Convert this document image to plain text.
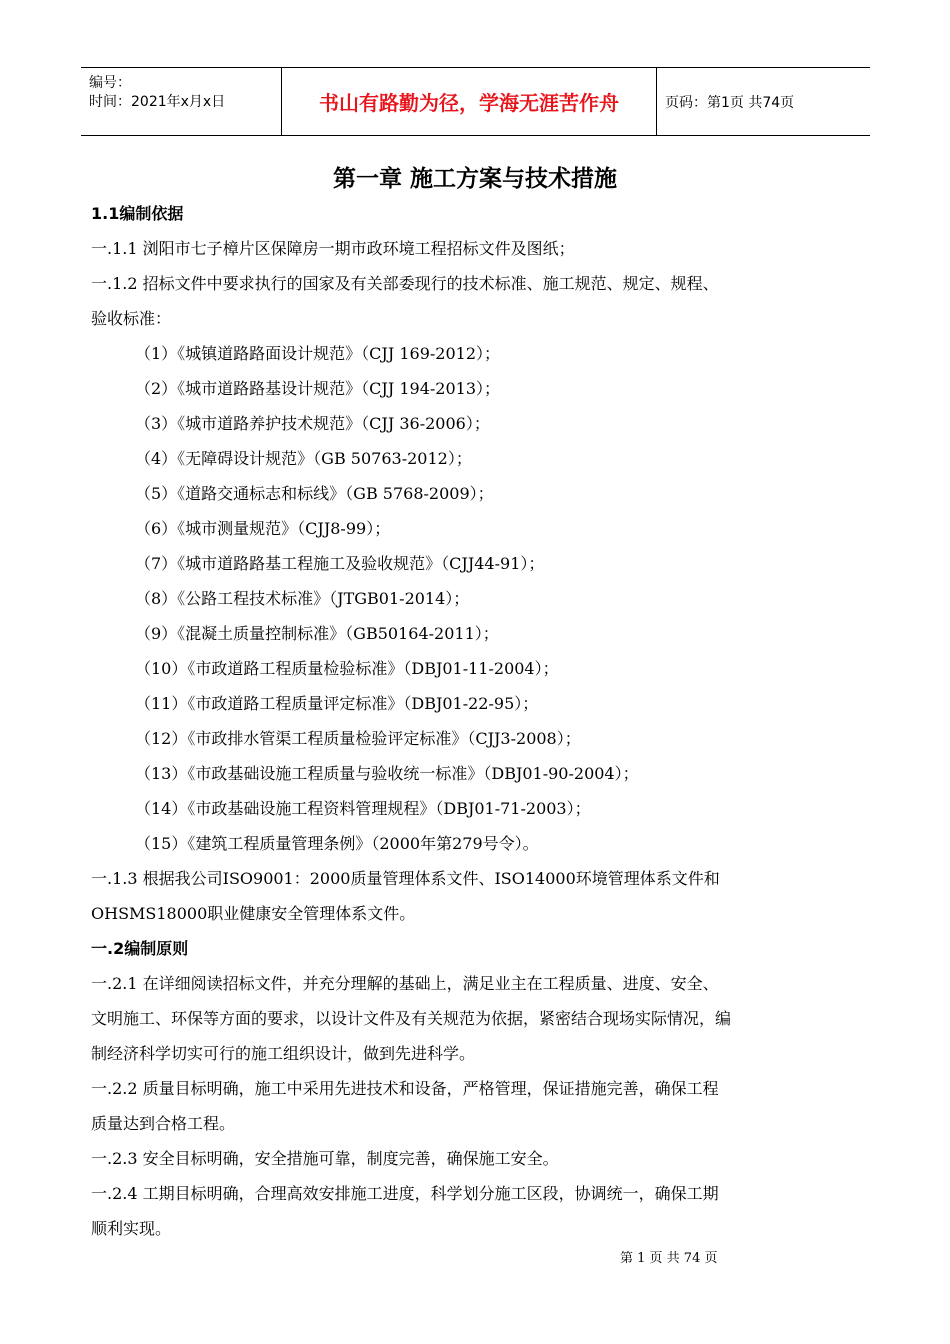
编号：
时间：2021年x月x日	书山有路勤为径，学海无涯苦作舟	页码：第1页 共74页
第一章 施工方案与技术措施
1.1编制依据
一.1.1 浏阳市七子樟片区保障房一期市政环境工程招标文件及图纸；
一.1.2 招标文件中要求执行的国家及有关部委现行的技术标准、施工规范、规定、规程、
验收标准：
（1）《城镇道路路面设计规范》（CJJ 169-2012）；
（2）《城市道路路基设计规范》（CJJ 194-2013）；
（3）《城市道路养护技术规范》（CJJ 36-2006）；
（4）《无障碍设计规范》（GB 50763-2012）；
（5）《道路交通标志和标线》（GB 5768-2009）；
（6）《城市测量规范》（CJJ8-99）；
（7）《城市道路路基工程施工及验收规范》（CJJ44-91）；
（8）《公路工程技术标准》（JTGB01-2014）；
（9）《混凝土质量控制标准》（GB50164-2011）；
（10）《市政道路工程质量检验标准》（DBJ01-11-2004）；
（11）《市政道路工程质量评定标准》（DBJ01-22-95）；
（12）《市政排水管渠工程质量检验评定标准》（CJJ3-2008）；
（13）《市政基础设施工程质量与验收统一标准》（DBJ01-90-2004）；
（14）《市政基础设施工程资料管理规程》（DBJ01-71-2003）；
（15）《建筑工程质量管理条例》（2000年第279号令）。
一.1.3 根据我公司ISO9001：2000质量管理体系文件、ISO14000环境管理体系文件和
OHSMS18000职业健康安全管理体系文件。
一.2编制原则
一.2.1 在详细阅读招标文件，并充分理解的基础上，满足业主在工程质量、进度、安全、
文明施工、环保等方面的要求，以设计文件及有关规范为依据，紧密结合现场实际情况，编
制经济科学切实可行的施工组织设计，做到先进科学。
一.2.2 质量目标明确，施工中采用先进技术和设备，严格管理，保证措施完善，确保工程
质量达到合格工程。
一.2.3 安全目标明确，安全措施可靠，制度完善，确保施工安全。
一.2.4 工期目标明确，合理高效安排施工进度，科学划分施工区段，协调统一，确保工期
顺利实现。
第 1 页 共 74 页
